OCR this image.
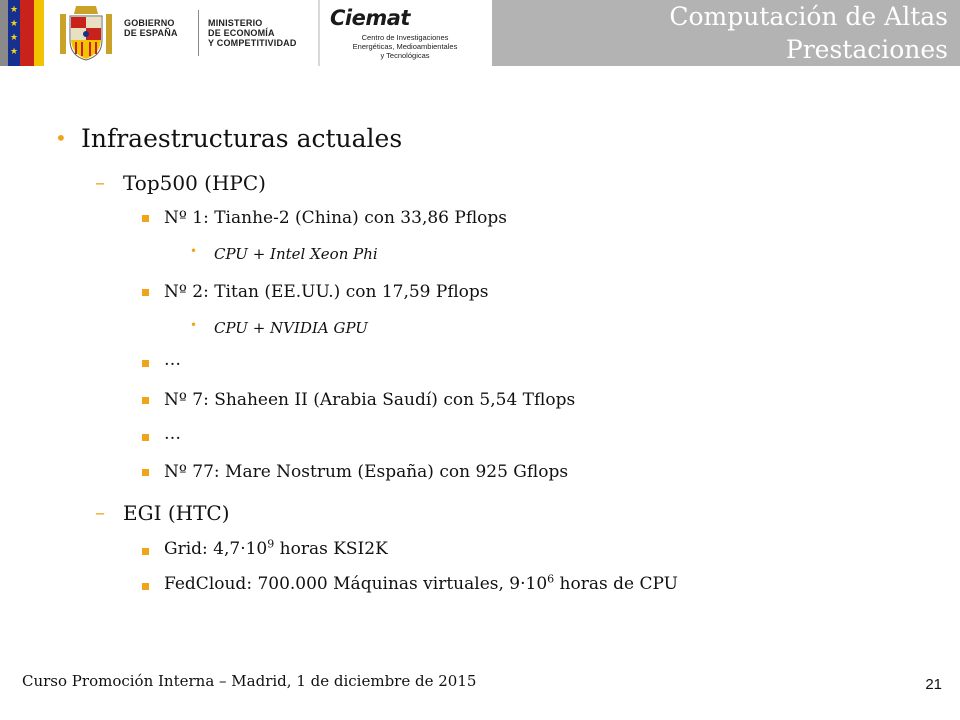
★
★
★
★
GOBIERNO
DE ESPAÑA
MINISTERIO
DE ECONOMÍA
Y COMPETITIVIDAD
Ciemat
Centro de Investigaciones
Energéticas, Medioambientales
y Tecnológicas
Computación de Altas
Prestaciones
• Infraestructuras actuales
– Top500 (HPC)
Nº 1: Tianhe-2 (China) con 33,86 Pflops
• CPU + Intel Xeon Phi
Nº 2: Titan (EE.UU.) con 17,59 Pflops
• CPU + NVIDIA GPU
…
Nº 7: Shaheen II (Arabia Saudí) con 5,54 Tflops
…
Nº 77: Mare Nostrum (España) con 925 Gflops
– EGI (HTC)
Grid: $4,7\cdot 10^9$ horas KSI2K
FedCloud: 700.000 Máquinas virtuales, $9\cdot 10^6$ horas de CPU
Curso Promoción Interna – Madrid, 1 de diciembre de 2015	21
